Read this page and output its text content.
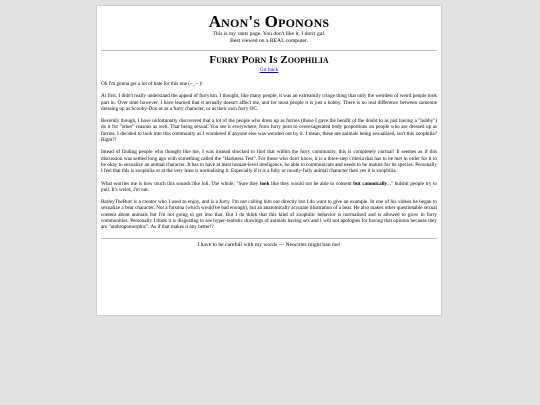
Anon's Oponons

This is my rants page. You don't like it, I don't gaf.

Best viewed on a REAL computer.

Furry Porn Is Zoophilia
Go back

Oh I'm gonna get a lot of hate for this one (~_~ )!

At first, I didn't really understand the appeal of furryism. I thought, like many people, it was an extreamily cringe thing that only the weirdest of weird people took part in. Over time however, I have learned that it actually doesn't affect me, and for most people it is just a hobby. There is no real difference between someone dressing up as Scooby-Doo or as a furry character, or as their own furry OC.

Recently though, I have unfortunatly discovered that a lot of the people who dress up as furries (those I gave the benifit of the doubt to as just having a "hobby") do it for "other" reasons as well. That being sexual. You see it everywhere, from furry porn to overexagerated body proportions on people who are dressed up as furries. I decided to look into this community as I wondered if anyone else was weirded out by it. I mean, these are animals being sexualized, isn't this zoophilia? Right?!

Intead of finding people who thought like me, I was instead shocked to find that within the furry community, this is completely normal! It seemes as if this discussion was settled long ago with something called the "Harkness Test". For those who don't know, it is a three-step criteria that has to be met in order for it to be okay to sexualize an animal character. It has to have at least human-level inteligence, be able to communicate and needs to be mature for its species. Personally I feel that this is zoophilia or at the very least is normalising it. Especially if it is a fully or mostly-fully animal character then yes it is zoophilia.

What worries me is how much this sounds like loli. The whole, "Sure they look like they would not be able to consent but canonically..." bulshit people try to pull. It's weird, I'm out.

BarleyTheBurr is a creator who I used to enjoy, and is a furry. I'm not calling him out directly but I do want to give an example. In one of his videos he began to sexualize a bear character. Not a fursona (which would be bad enough), but an anatomically accurate illustration of a bear. He also makes other questionable sexual content about animals but I'm not going to get into that. But I do think that this kind of zoophilic behavior is normalised and is allowed to grow in furry communities. Personally I think it is disgusting to see hyper-realistic drawings of animals having sex and I will not apologies for having that opinion because they are "anthropomorphic". As if that makes it any better!?

I have to be carefull with my words — Neocities might ban me!
